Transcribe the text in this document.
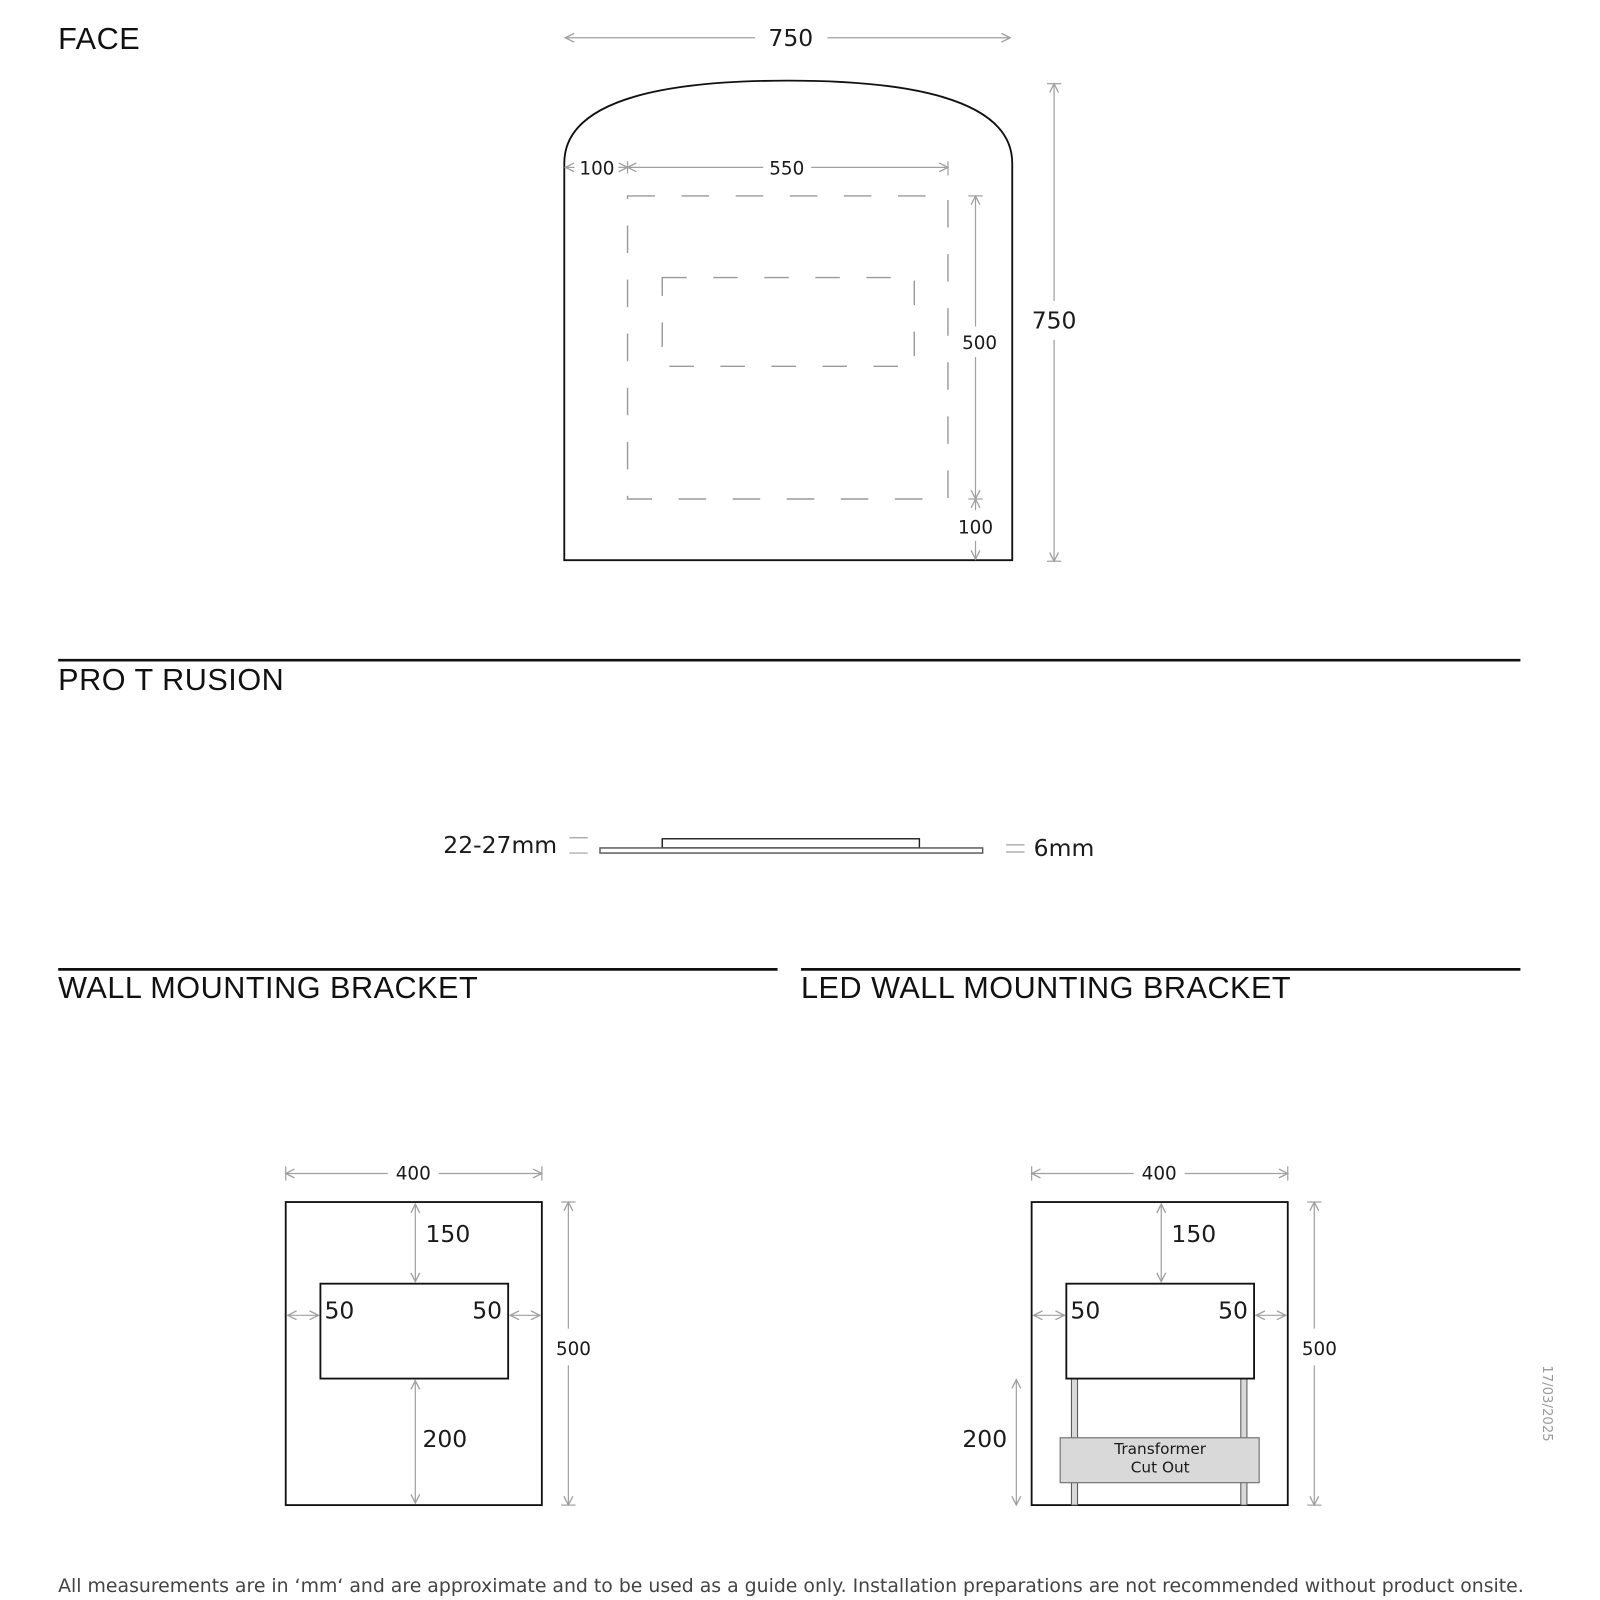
FACE	750
100	550
500
100
750
PRO T RUSION
22-27mm	6mm
WALL MOUNTING BRACKET
400
150
50	50
200
500
LED WALL MOUNTING BRACKET
400
Transformer
Cut Out
150
50	50
200
500
17/03/2025
All measurements are in ‘mm‘ and are approximate and to be used as a guide only. Installation preparations are not recommended without product onsite.
